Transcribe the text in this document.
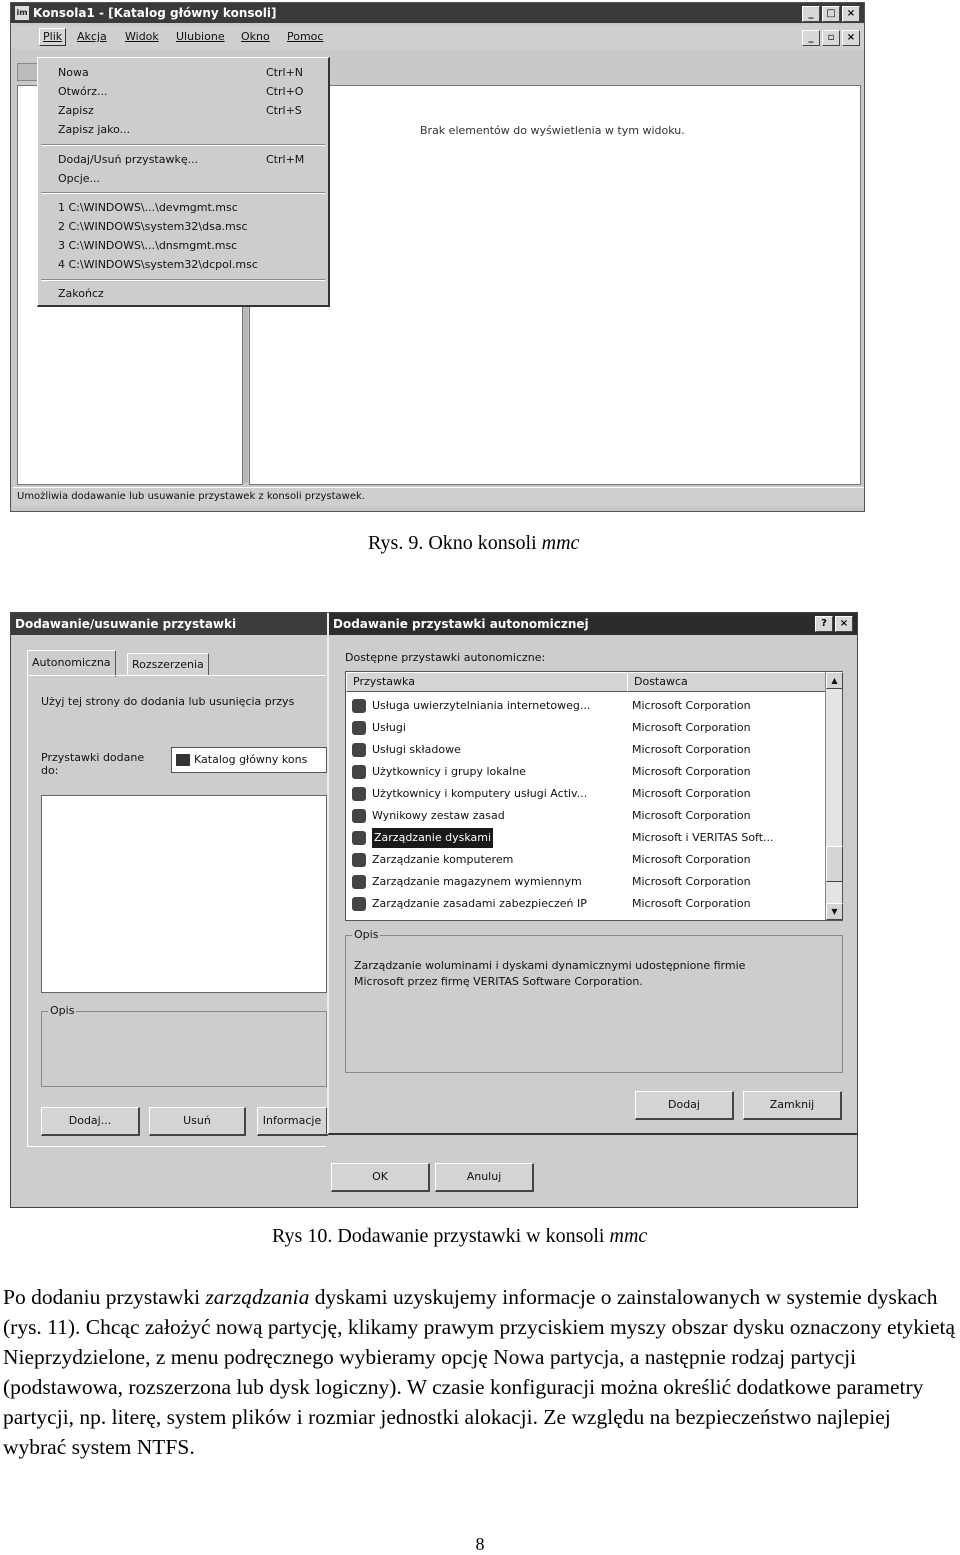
im Konsola1 - [Katalog główny konsoli]	_	□	×
Plik	Akcja Widok Ulubione Okno Pomoc	_	▫	×
Brak elementów do wyświetlenia w tym widoku.
Umożliwia dodawanie lub usuwanie przystawek z konsoli przystawek.
Nowa	Ctrl+N
Otwórz...	Ctrl+O
Zapisz	Ctrl+S
Zapisz jako...
Dodaj/Usuń przystawkę...	Ctrl+M
Opcje...
1 C:\WINDOWS\...\devmgmt.msc
2 C:\WINDOWS\system32\dsa.msc
3 C:\WINDOWS\...\dnsmgmt.msc
4 C:\WINDOWS\system32\dcpol.msc
Zakończ
Rys. 9. Okno konsoli mmc
Dodawanie/usuwanie przystawki
Autonomiczna	Rozszerzenia
Użyj tej strony do dodania lub usunięcia przys
Przystawki dodane
do:
Katalog główny kons
Opis
Dodaj...	Usuń	Informacje
OK	Anuluj
Dodawanie przystawki autonomicznej	?	×
Dostępne przystawki autonomiczne:
Przystawka	Dostawca
Usługa uwierzytelniania internetoweg...	Microsoft Corporation
Usługi	Microsoft Corporation
Usługi składowe	Microsoft Corporation
Użytkownicy i grupy lokalne	Microsoft Corporation
Użytkownicy i komputery usługi Activ...	Microsoft Corporation
Wynikowy zestaw zasad	Microsoft Corporation
Zarządzanie dyskami	Microsoft i VERITAS Soft...
Zarządzanie komputerem	Microsoft Corporation
Zarządzanie magazynem wymiennym	Microsoft Corporation
Zarządzanie zasadami zabezpieczeń IP	Microsoft Corporation
▲
▼
Opis
Zarządzanie woluminami i dyskami dynamicznymi udostępnione firmie
Microsoft przez firmę VERITAS Software Corporation.
Dodaj	Zamknij
Rys 10. Dodawanie przystawki w konsoli mmc

Po dodaniu przystawki zarządzania dyskami uzyskujemy informacje o zainstalowanych w systemie dyskach (rys. 11). Chcąc założyć nową partycję, klikamy prawym przyciskiem myszy obszar dysku oznaczony etykietą Nieprzydzielone, z menu podręcznego wybieramy opcję Nowa partycja, a następnie rodzaj partycji (podstawowa, rozszerzona lub dysk logiczny). W czasie konfiguracji można określić dodatkowe parametry partycji, np. literę, system plików i rozmiar jednostki alokacji. Ze względu na bezpieczeństwo najlepiej wybrać system NTFS.

8
